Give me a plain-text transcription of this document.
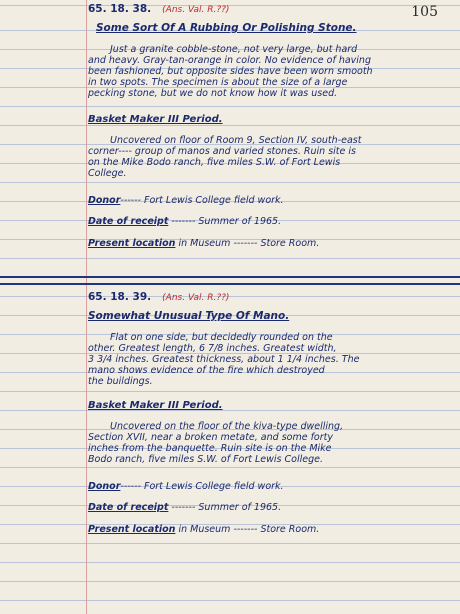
105
65. 18. 38. (Ans. Val. R.??)
Some Sort Of A Rubbing Or Polishing Stone.
Just a granite cobble-stone, not very large, but hard
and heavy. Gray-tan-orange in color. No evidence of having
been fashioned, but opposite sides have been worn smooth
in two spots. The specimen is about the size of a large
pecking stone, but we do not know how it was used.
Basket Maker III Period.
Uncovered on floor of Room 9, Section IV, south-east
corner---- group of manos and varied stones. Ruin site is
on the Mike Bodo ranch, five miles S.W. of Fort Lewis
College.
Donor------ Fort Lewis College field work.
Date of receipt ------- Summer of 1965.
Present location in Museum ------- Store Room.
65. 18. 39. (Ans. Val. R.??)
Somewhat Unusual Type Of Mano.
Flat on one side, but decidedly rounded on the
other. Greatest length, 6 7/8 inches. Greatest width,
3 3/4 inches. Greatest thickness, about 1 1/4 inches. The
mano shows evidence of the fire which destroyed
the buildings.
Basket Maker III Period.
Uncovered on the floor of the kiva-type dwelling,
Section XVII, near a broken metate, and some forty
inches from the banquette. Ruin site is on the Mike
Bodo ranch, five miles S.W. of Fort Lewis College.
Donor------ Fort Lewis College field work.
Date of receipt ------- Summer of 1965.
Present location in Museum ------- Store Room.
